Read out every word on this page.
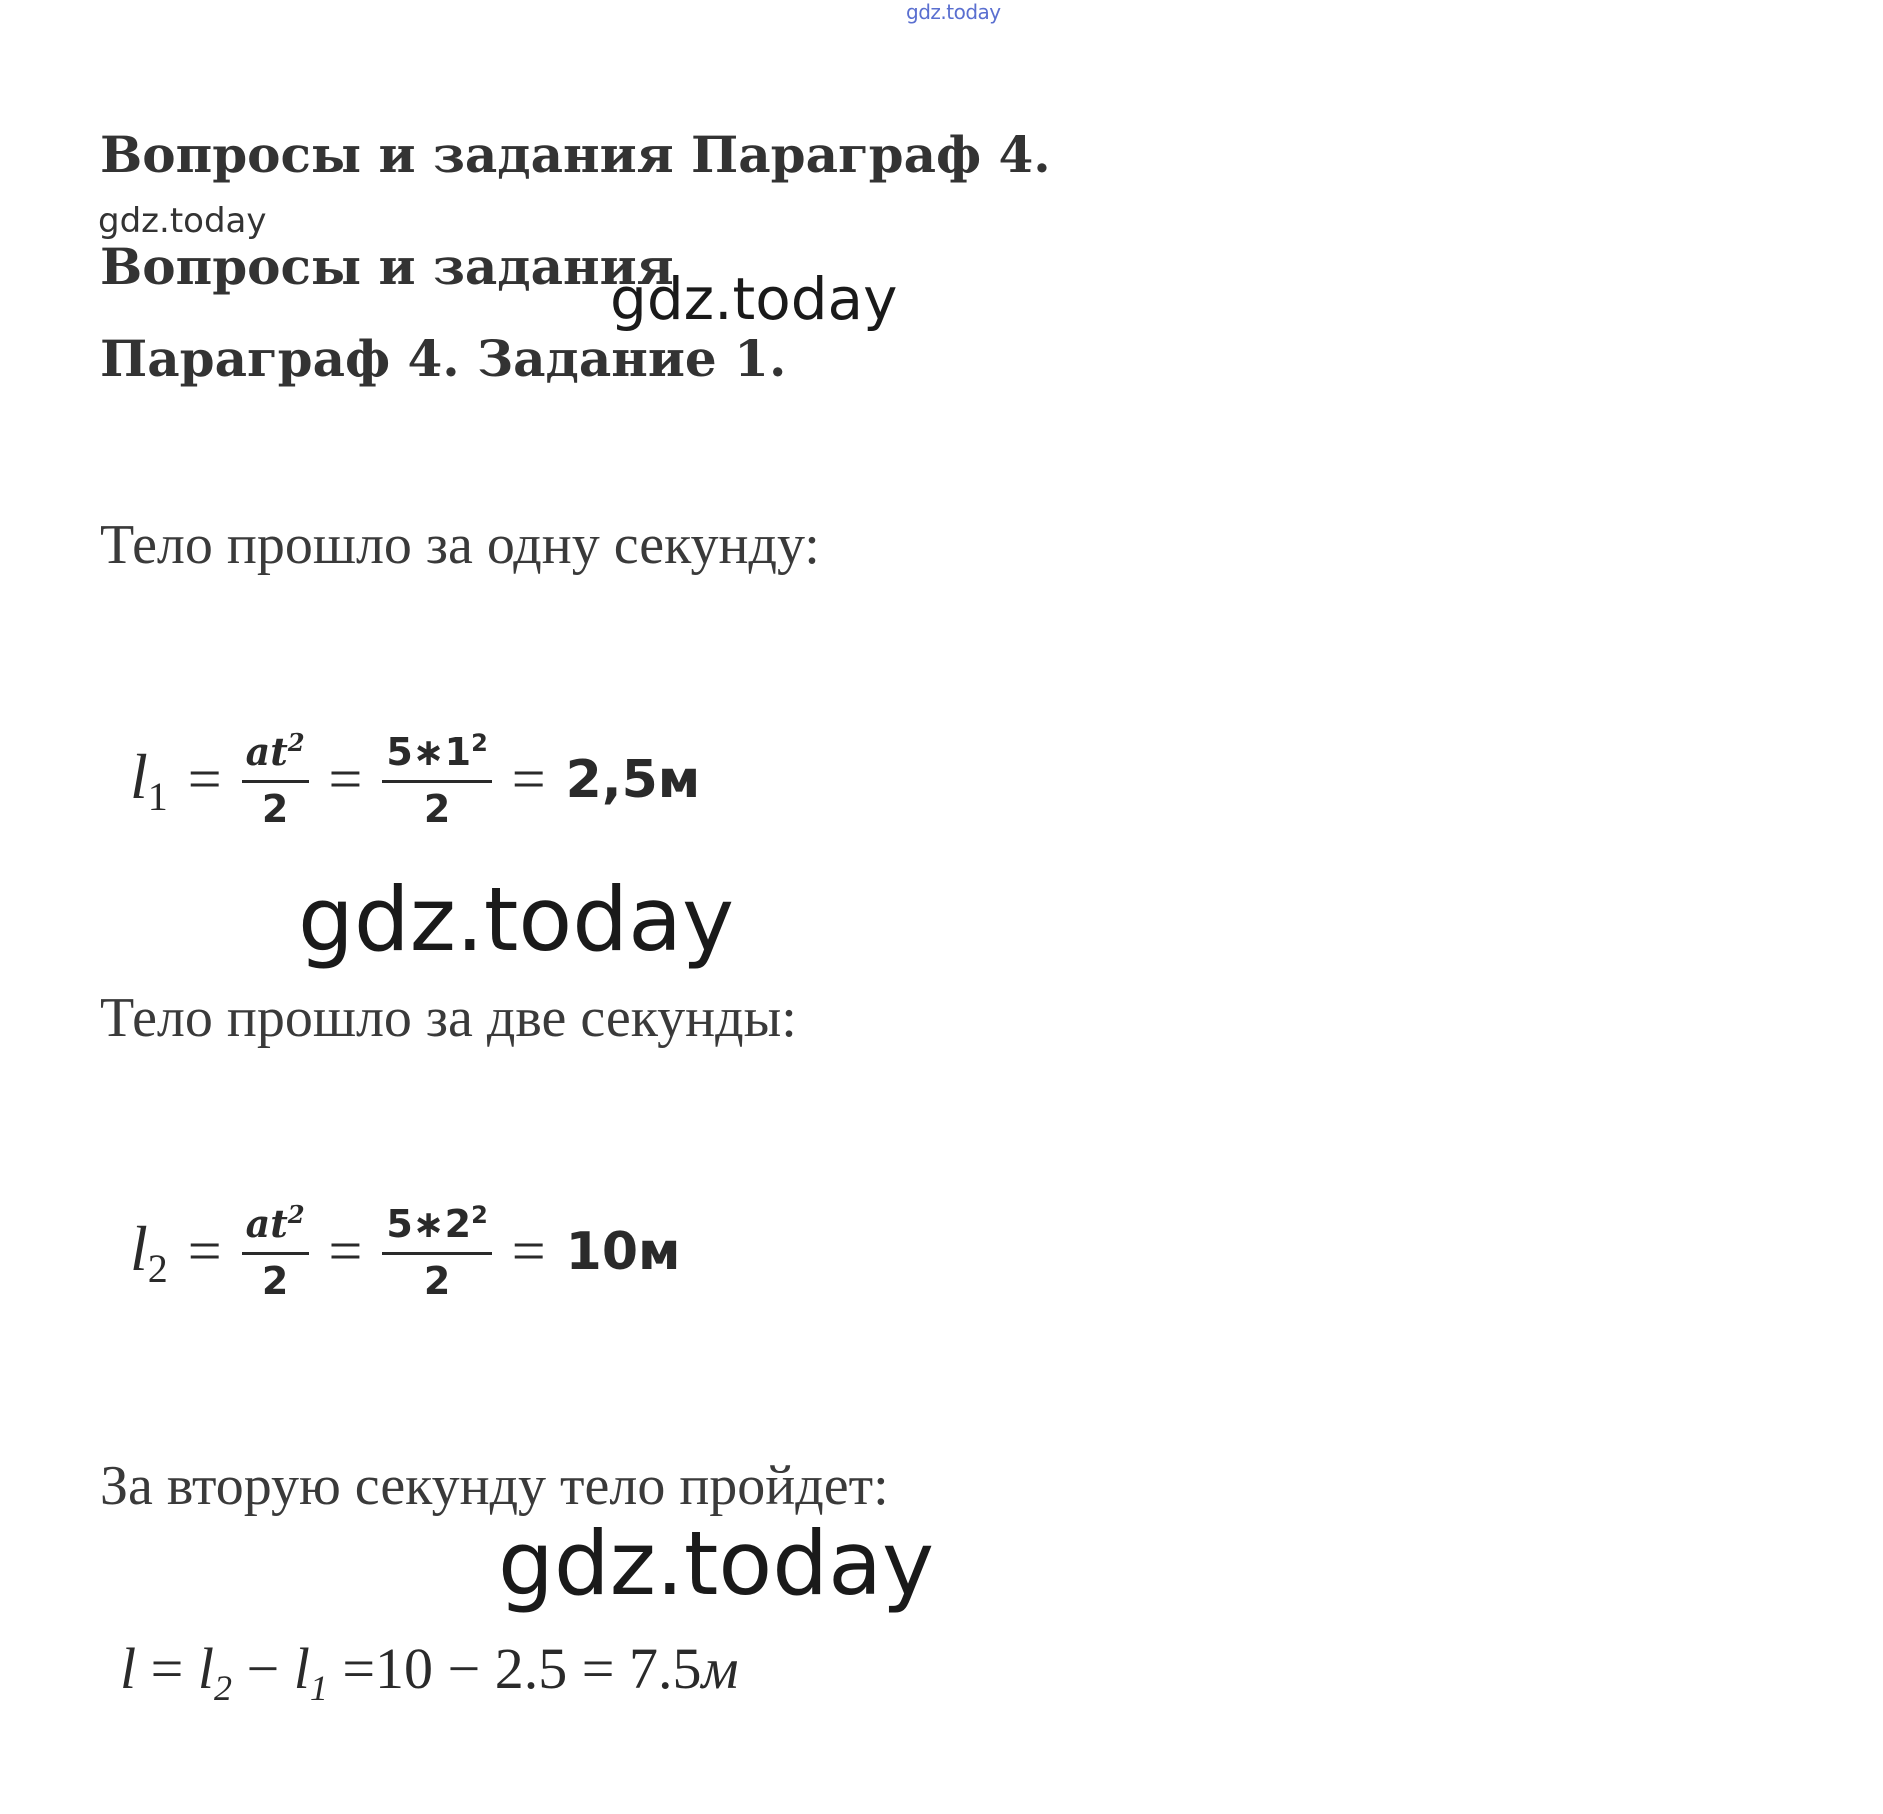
gdz.today
gdz.today
gdz.today
gdz.today
gdz.today
Вопросы и задания Параграф 4.
Вопросы и задания
Параграф 4. Задание 1.
Тело прошло за одну секунду:
$l_1 = \frac{at^2}{2} = \frac{5∗1^2}{2} = 2,5м$
Тело прошло за две секунды:
$l_2 = \frac{at^2}{2} = \frac{5∗2^2}{2} = 10м$
За вторую секунду тело пройдет:
$l = l_2 - l_1 =10 - 2.5 = 7.5м$
